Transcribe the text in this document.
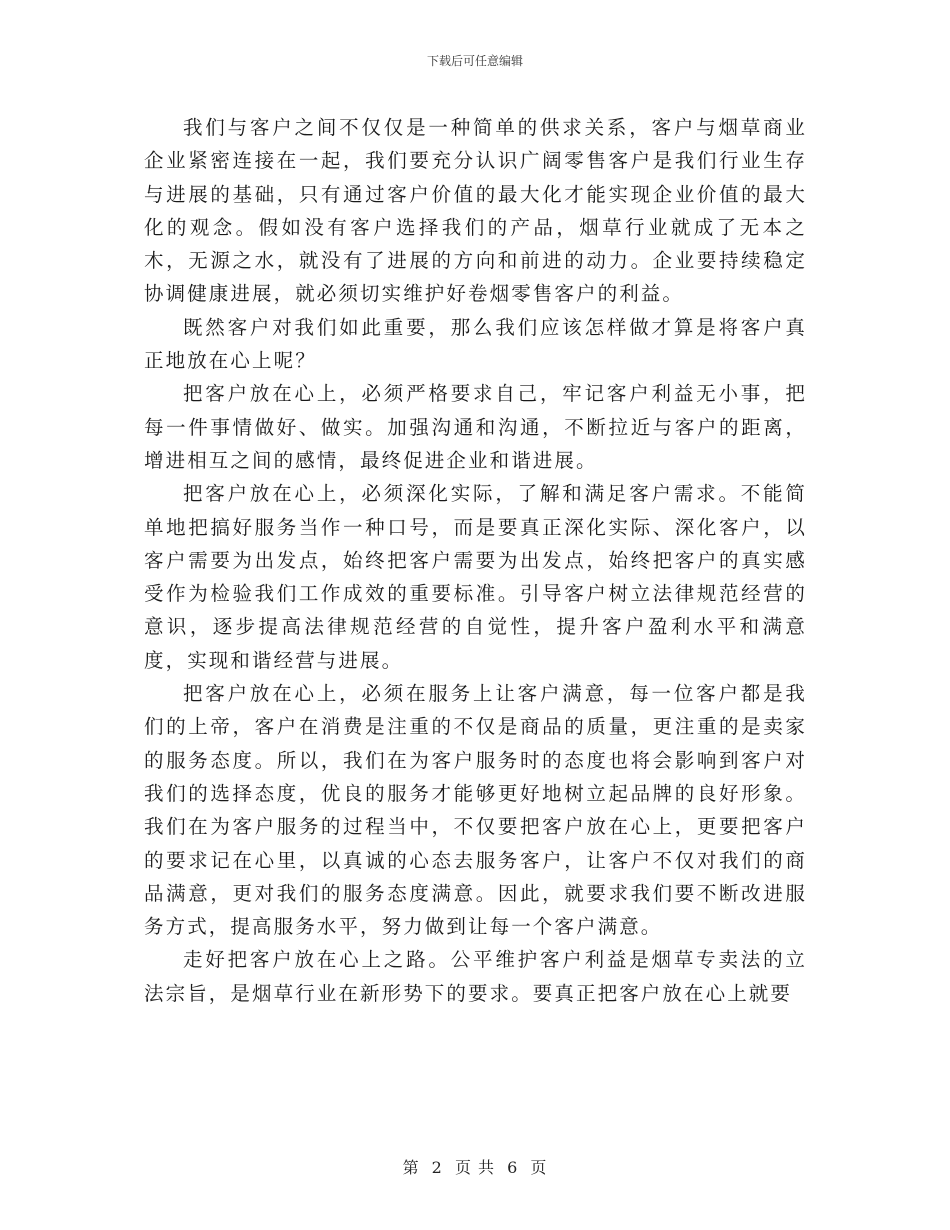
下载后可任意编辑

我们与客户之间不仅仅是一种简单的供求关系，客户与烟草商业企业紧密连接在一起，我们要充分认识广阔零售客户是我们行业生存与进展的基础，只有通过客户价值的最大化才能实现企业价值的最大化的观念。假如没有客户选择我们的产品，烟草行业就成了无本之木，无源之水，就没有了进展的方向和前进的动力。企业要持续稳定协调健康进展，就必须切实维护好卷烟零售客户的利益。

既然客户对我们如此重要，那么我们应该怎样做才算是将客户真正地放在心上呢？

把客户放在心上，必须严格要求自己，牢记客户利益无小事，把每一件事情做好、做实。加强沟通和沟通，不断拉近与客户的距离，增进相互之间的感情，最终促进企业和谐进展。

把客户放在心上，必须深化实际，了解和满足客户需求。不能简单地把搞好服务当作一种口号，而是要真正深化实际、深化客户，以客户需要为出发点，始终把客户需要为出发点，始终把客户的真实感受作为检验我们工作成效的重要标准。引导客户树立法律规范经营的意识，逐步提高法律规范经营的自觉性，提升客户盈利水平和满意度，实现和谐经营与进展。

把客户放在心上，必须在服务上让客户满意，每一位客户都是我们的上帝，客户在消费是注重的不仅是商品的质量，更注重的是卖家的服务态度。所以，我们在为客户服务时的态度也将会影响到客户对我们的选择态度，优良的服务才能够更好地树立起品牌的良好形象。我们在为客户服务的过程当中，不仅要把客户放在心上，更要把客户的要求记在心里，以真诚的心态去服务客户，让客户不仅对我们的商品满意，更对我们的服务态度满意。因此，就要求我们要不断改进服务方式，提高服务水平，努力做到让每一个客户满意。

走好把客户放在心上之路。公平维护客户利益是烟草专卖法的立法宗旨，是烟草行业在新形势下的要求。要真正把客户放在心上就要

第 2 页 共 6 页
